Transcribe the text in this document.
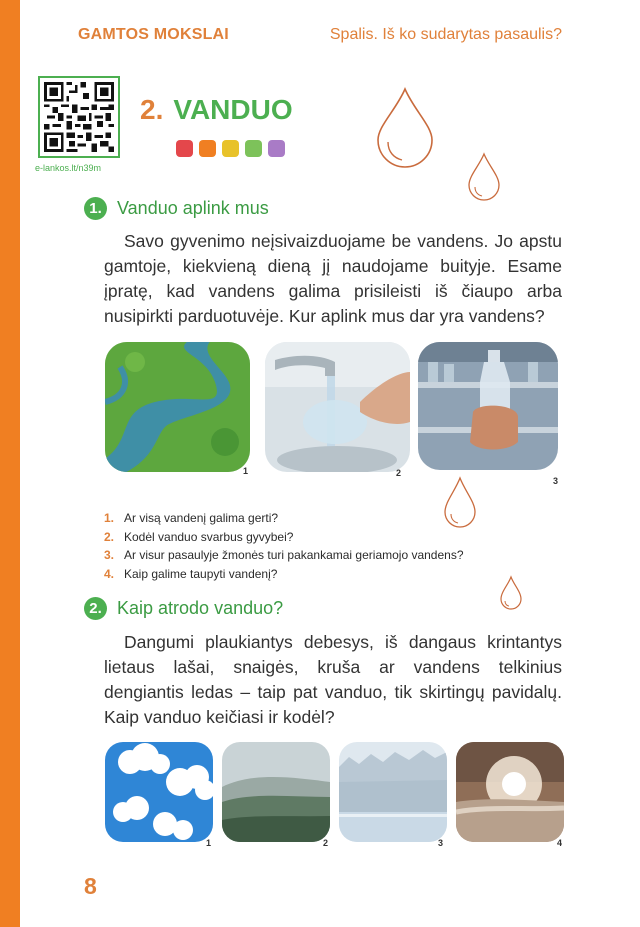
GAMTOS MOKSLAI	Spalis. Iš ko sudarytas pasaulis?
e-lankos.lt/n39m
2. VANDUO
1. Vanduo aplink mus
Savo gyvenimo neįsivaizduojame be vandens. Jo apstu gamtoje, kiekvieną dieną jį naudojame buityje. Esame įpratę, kad vandens galima prisileisti iš čiaupo arba nusipirkti parduotuvėje. Kur aplink mus dar yra vandens?
1	2
3
1. Ar visą vandenį galima gerti?
2. Kodėl vanduo svarbus gyvybei?
3. Ar visur pasaulyje žmonės turi pakankamai geriamojo vandens?
4. Kaip galime taupyti vandenį?
2. Kaip atrodo vanduo?
Dangumi plaukiantys debesys, iš dangaus krintantys lietaus lašai, snaigės, kruša ar vandens telkinius dengiantis ledas – taip pat vanduo, tik skirtingų pavidalų. Kaip vanduo keičiasi ir kodėl?
1	2	3	4
8
